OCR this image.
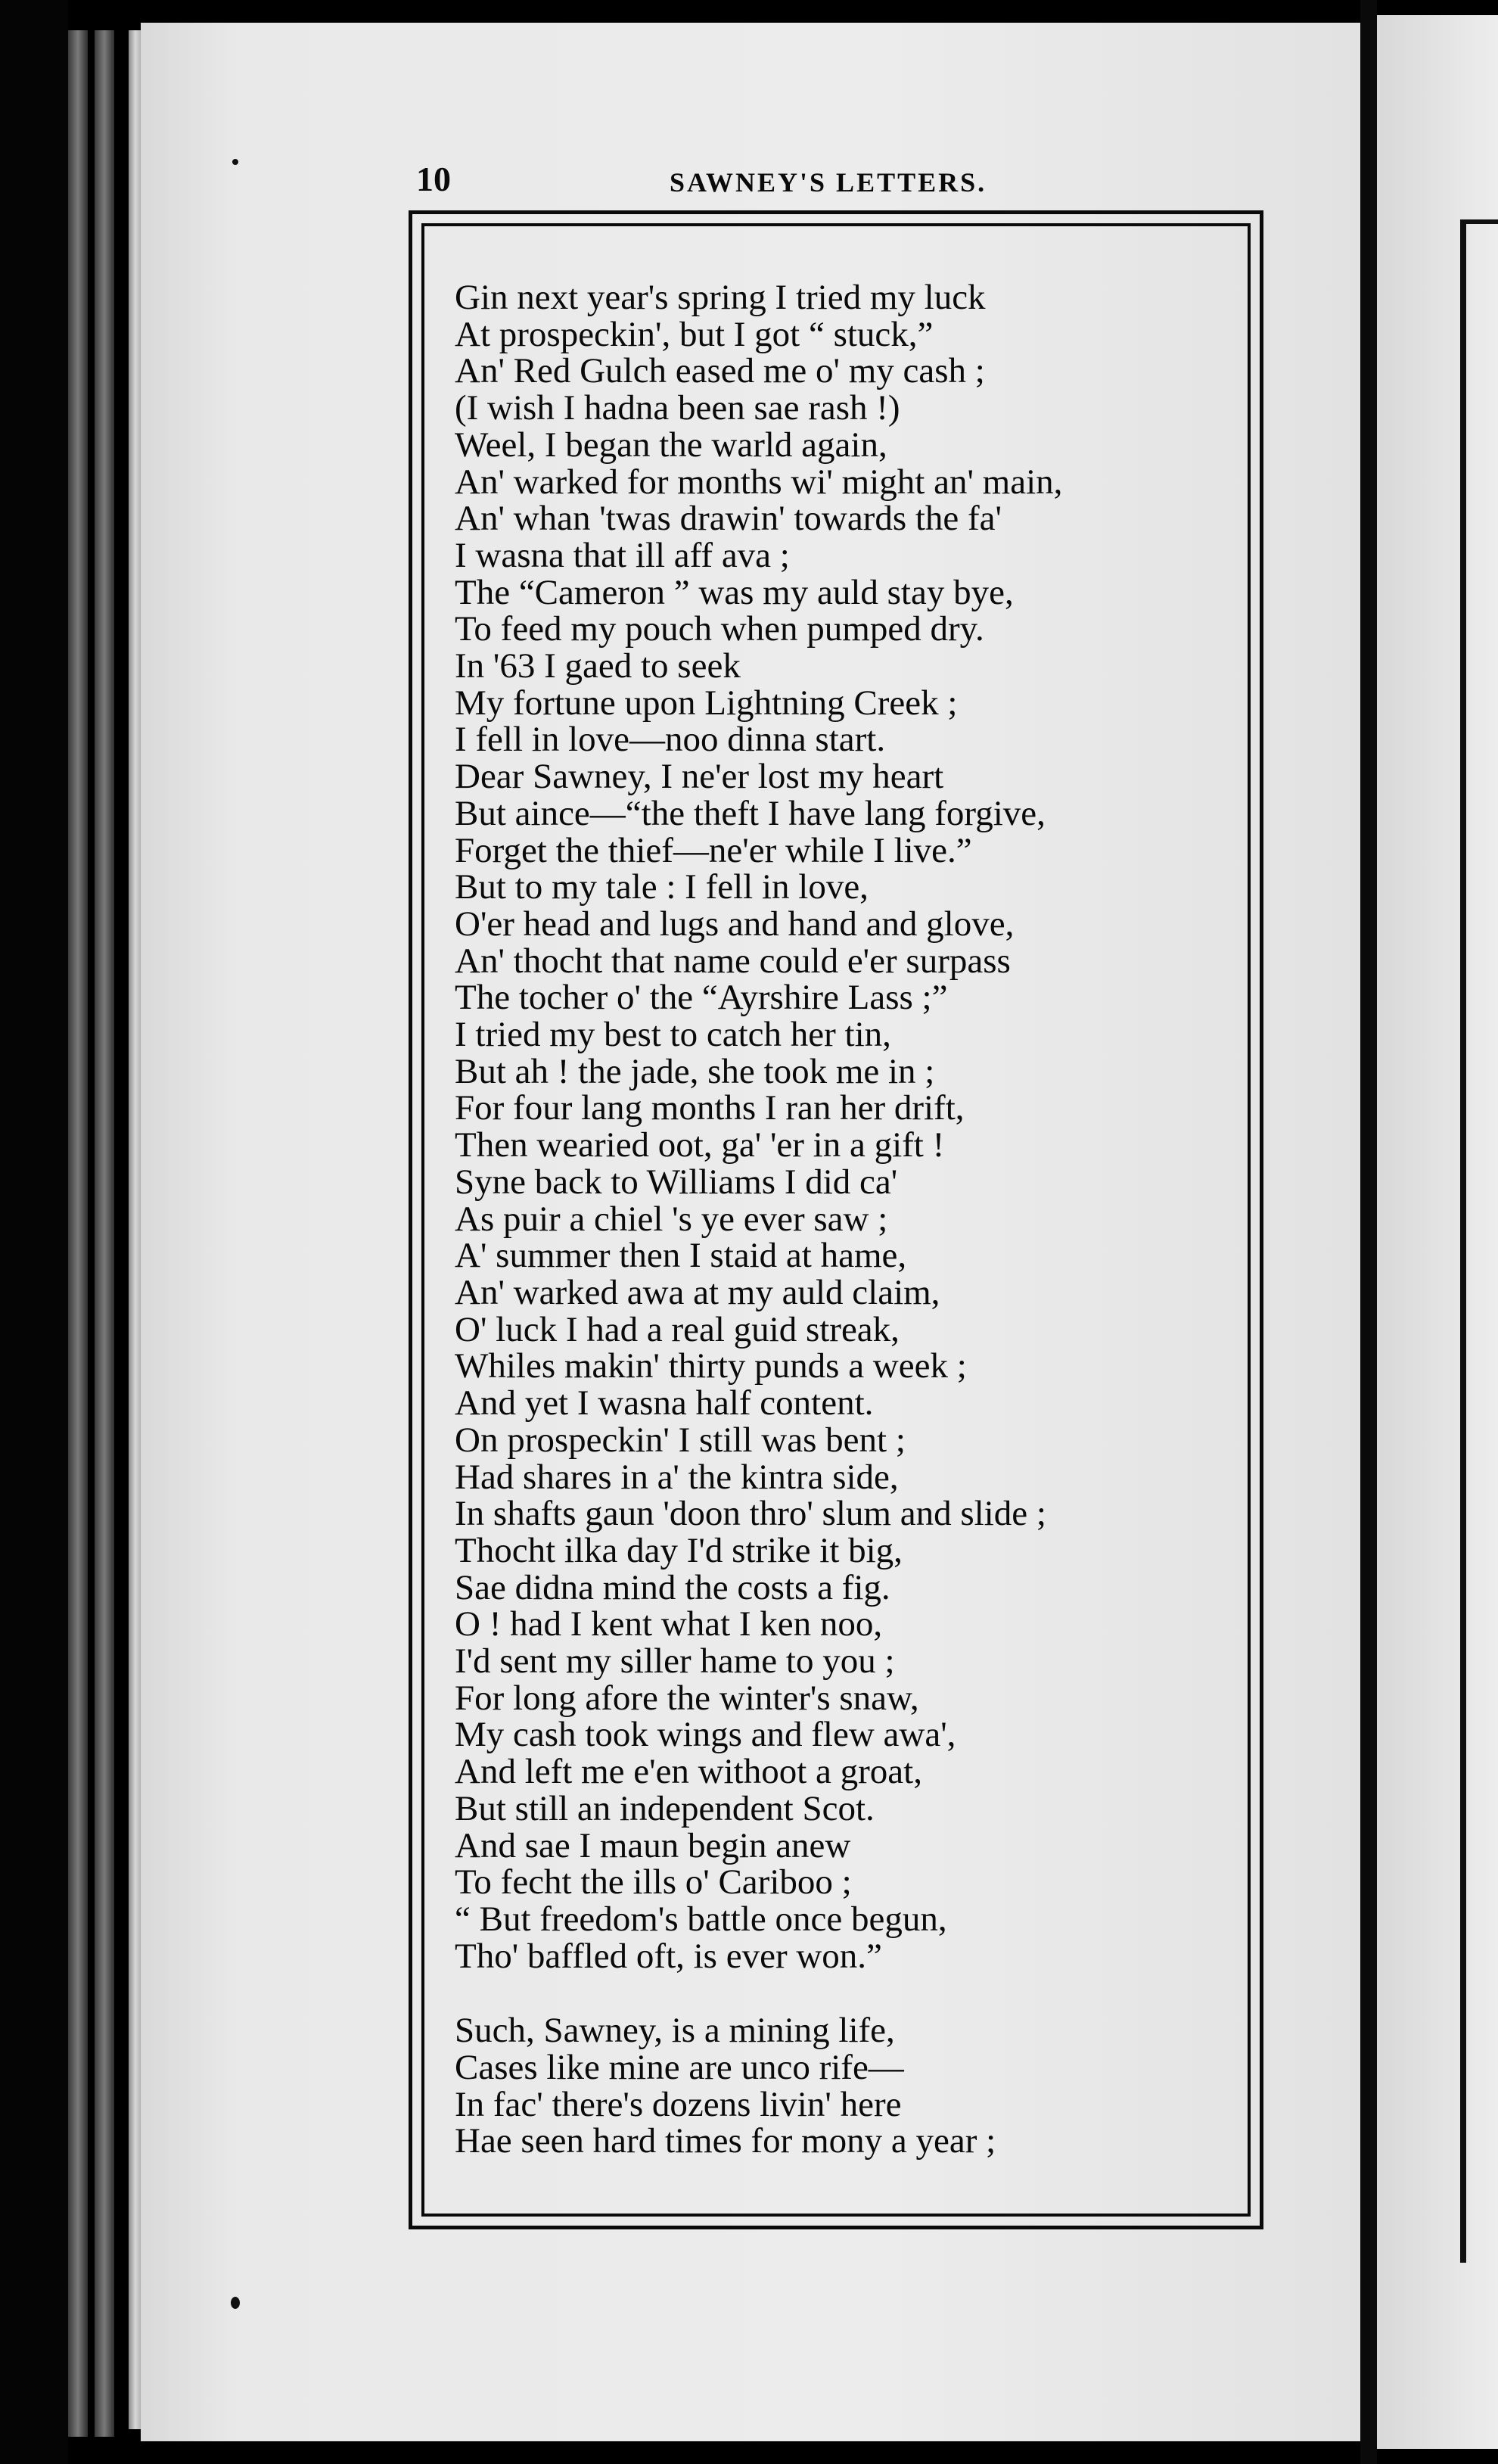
10	SAWNEY'S LETTERS.
Gin next year's spring I tried my luck
At prospeckin', but I got “ stuck,”
An' Red Gulch eased me o' my cash ;
(I wish I hadna been sae rash !)
Weel, I began the warld again,
An' warked for months wi' might an' main,
An' whan 'twas drawin' towards the fa'
I wasna that ill aff ava ;
The “Cameron ” was my auld stay bye,
To feed my pouch when pumped dry.
In '63 I gaed to seek
My fortune upon Lightning Creek ;
I fell in love—noo dinna start.
Dear Sawney, I ne'er lost my heart
But aince—“the theft I have lang forgive,
Forget the thief—ne'er while I live.”
But to my tale : I fell in love,
O'er head and lugs and hand and glove,
An' thocht that name could e'er surpass
The tocher o' the “Ayrshire Lass ;”
I tried my best to catch her tin,
But ah ! the jade, she took me in ;
For four lang months I ran her drift,
Then wearied oot, ga' 'er in a gift !
Syne back to Williams I did ca'
As puir a chiel 's ye ever saw ;
A' summer then I staid at hame,
An' warked awa at my auld claim,
O' luck I had a real guid streak,
Whiles makin' thirty punds a week ;
And yet I wasna half content.
On prospeckin' I still was bent ;
Had shares in a' the kintra side,
In shafts gaun 'doon thro' slum and slide ;
Thocht ilka day I'd strike it big,
Sae didna mind the costs a fig.
O ! had I kent what I ken noo,
I'd sent my siller hame to you ;
For long afore the winter's snaw,
My cash took wings and flew awa',
And left me e'en withoot a groat,
But still an independent Scot.
And sae I maun begin anew
To fecht the ills o' Cariboo ;
“ But freedom's battle once begun,
Tho' baffled oft, is ever won.”
Such, Sawney, is a mining life,
Cases like mine are unco rife—
In fac' there's dozens livin' here
Hae seen hard times for mony a year ;
